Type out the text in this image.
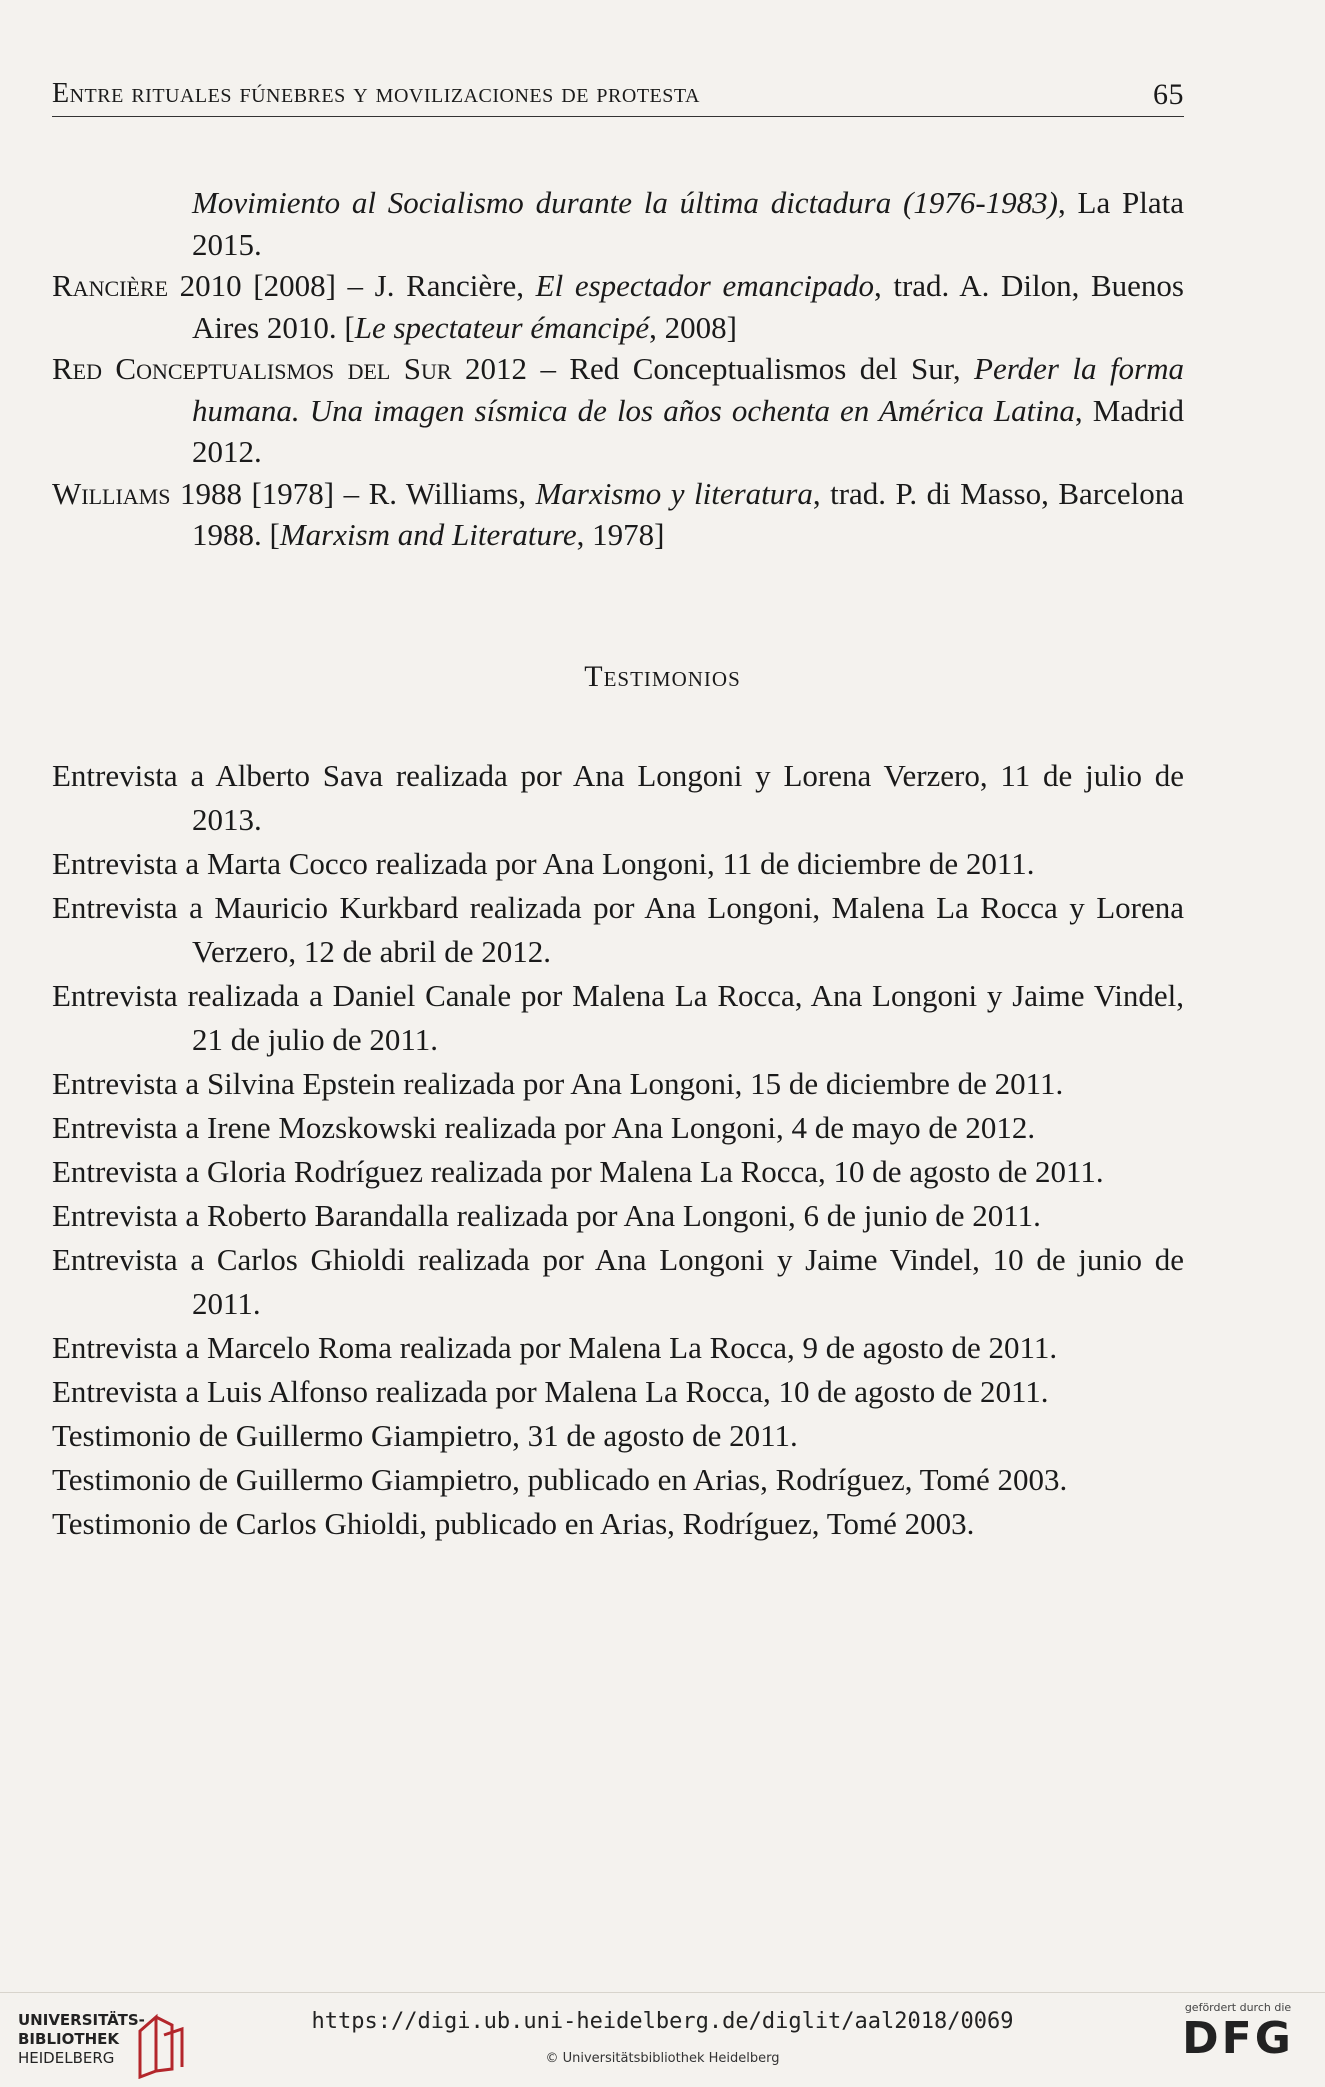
Entre rituales fúnebres y movilizaciones de protesta	65

Movimiento al Socialismo durante la última dictadura (1976-1983), La Plata 2015.

Rancière 2010 [2008] – J. Rancière, El espectador emancipado, trad. A. Dilon, Buenos Aires 2010. [Le spectateur émancipé, 2008]

Red Conceptualismos del Sur 2012 – Red Conceptualismos del Sur, Perder la forma humana. Una imagen sísmica de los años ochenta en América Latina, Madrid 2012.

Williams 1988 [1978] – R. Williams, Marxismo y literatura, trad. P. di Masso, Barcelona 1988. [Marxism and Literature, 1978]

Testimonios

Entrevista a Alberto Sava realizada por Ana Longoni y Lorena Verzero, 11 de julio de 2013.

Entrevista a Marta Cocco realizada por Ana Longoni, 11 de diciembre de 2011.

Entrevista a Mauricio Kurkbard realizada por Ana Longoni, Malena La Rocca y Lorena Verzero, 12 de abril de 2012.

Entrevista realizada a Daniel Canale por Malena La Rocca, Ana Longoni y Jaime Vindel, 21 de julio de 2011.

Entrevista a Silvina Epstein realizada por Ana Longoni, 15 de diciembre de 2011.

Entrevista a Irene Mozskowski realizada por Ana Longoni, 4 de mayo de 2012.

Entrevista a Gloria Rodríguez realizada por Malena La Rocca, 10 de agosto de 2011.

Entrevista a Roberto Barandalla realizada por Ana Longoni, 6 de junio de 2011.

Entrevista a Carlos Ghioldi realizada por Ana Longoni y Jaime Vindel, 10 de junio de 2011.

Entrevista a Marcelo Roma realizada por Malena La Rocca, 9 de agosto de 2011.

Entrevista a Luis Alfonso realizada por Malena La Rocca, 10 de agosto de 2011.

Testimonio de Guillermo Giampietro, 31 de agosto de 2011.

Testimonio de Guillermo Giampietro, publicado en Arias, Rodríguez, Tomé 2003.

Testimonio de Carlos Ghioldi, publicado en Arias, Rodríguez, Tomé 2003.

UNIVERSITÄTS-
BIBLIOTHEK
HEIDELBERG
https://digi.ub.uni-heidelberg.de/diglit/aal2018/0069
© Universitätsbibliothek Heidelberg
gefördert durch die
DFG
